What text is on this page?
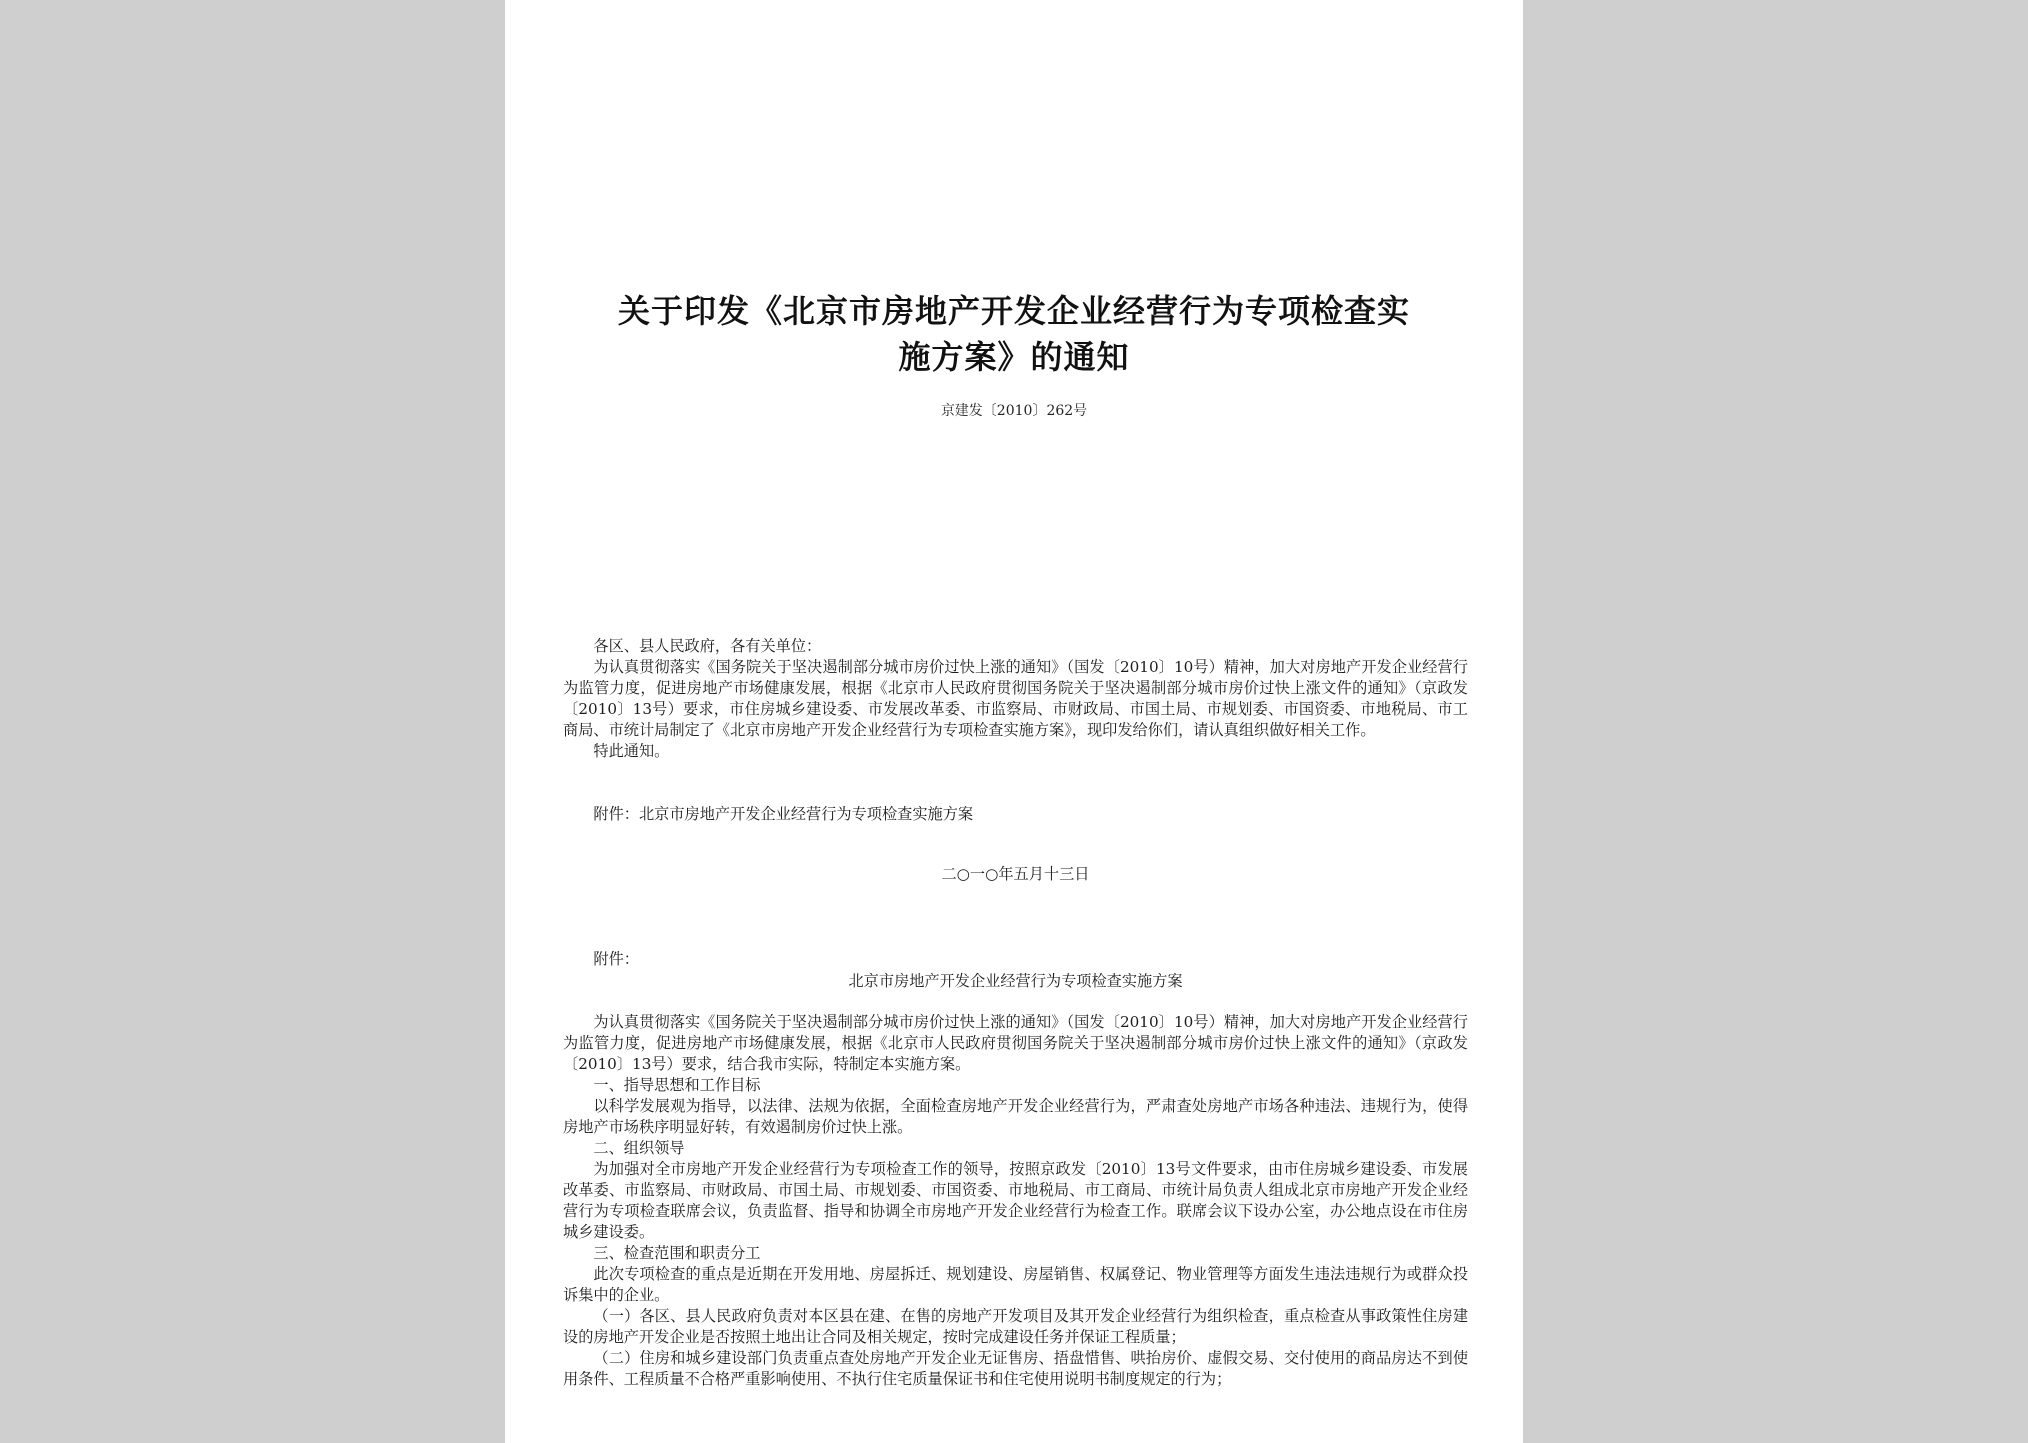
关于印发《北京市房地产开发企业经营行为专项检查实
施方案》的通知
京建发〔2010〕262号

各区、县人民政府，各有关单位：

为认真贯彻落实《国务院关于坚决遏制部分城市房价过快上涨的通知》（国发〔2010〕10号）精神，加大对房地产开发企业经营行为监管力度，促进房地产市场健康发展，根据《北京市人民政府贯彻国务院关于坚决遏制部分城市房价过快上涨文件的通知》（京政发〔2010〕13号）要求，市住房城乡建设委、市发展改革委、市监察局、市财政局、市国土局、市规划委、市国资委、市地税局、市工商局、市统计局制定了《北京市房地产开发企业经营行为专项检查实施方案》，现印发给你们，请认真组织做好相关工作。

特此通知。

附件：北京市房地产开发企业经营行为专项检查实施方案

二○一○年五月十三日

附件：

北京市房地产开发企业经营行为专项检查实施方案

为认真贯彻落实《国务院关于坚决遏制部分城市房价过快上涨的通知》（国发〔2010〕10号）精神，加大对房地产开发企业经营行为监管力度，促进房地产市场健康发展，根据《北京市人民政府贯彻国务院关于坚决遏制部分城市房价过快上涨文件的通知》（京政发〔2010〕13号）要求，结合我市实际，特制定本实施方案。

一、指导思想和工作目标

以科学发展观为指导，以法律、法规为依据，全面检查房地产开发企业经营行为，严肃查处房地产市场各种违法、违规行为，使得房地产市场秩序明显好转，有效遏制房价过快上涨。

二、组织领导

为加强对全市房地产开发企业经营行为专项检查工作的领导，按照京政发〔2010〕13号文件要求，由市住房城乡建设委、市发展改革委、市监察局、市财政局、市国土局、市规划委、市国资委、市地税局、市工商局、市统计局负责人组成北京市房地产开发企业经营行为专项检查联席会议，负责监督、指导和协调全市房地产开发企业经营行为检查工作。联席会议下设办公室，办公地点设在市住房城乡建设委。

三、检查范围和职责分工

此次专项检查的重点是近期在开发用地、房屋拆迁、规划建设、房屋销售、权属登记、物业管理等方面发生违法违规行为或群众投诉集中的企业。

（一）各区、县人民政府负责对本区县在建、在售的房地产开发项目及其开发企业经营行为组织检查，重点检查从事政策性住房建设的房地产开发企业是否按照土地出让合同及相关规定，按时完成建设任务并保证工程质量；

（二）住房和城乡建设部门负责重点查处房地产开发企业无证售房、捂盘惜售、哄抬房价、虚假交易、交付使用的商品房达不到使用条件、工程质量不合格严重影响使用、不执行住宅质量保证书和住宅使用说明书制度规定的行为；
